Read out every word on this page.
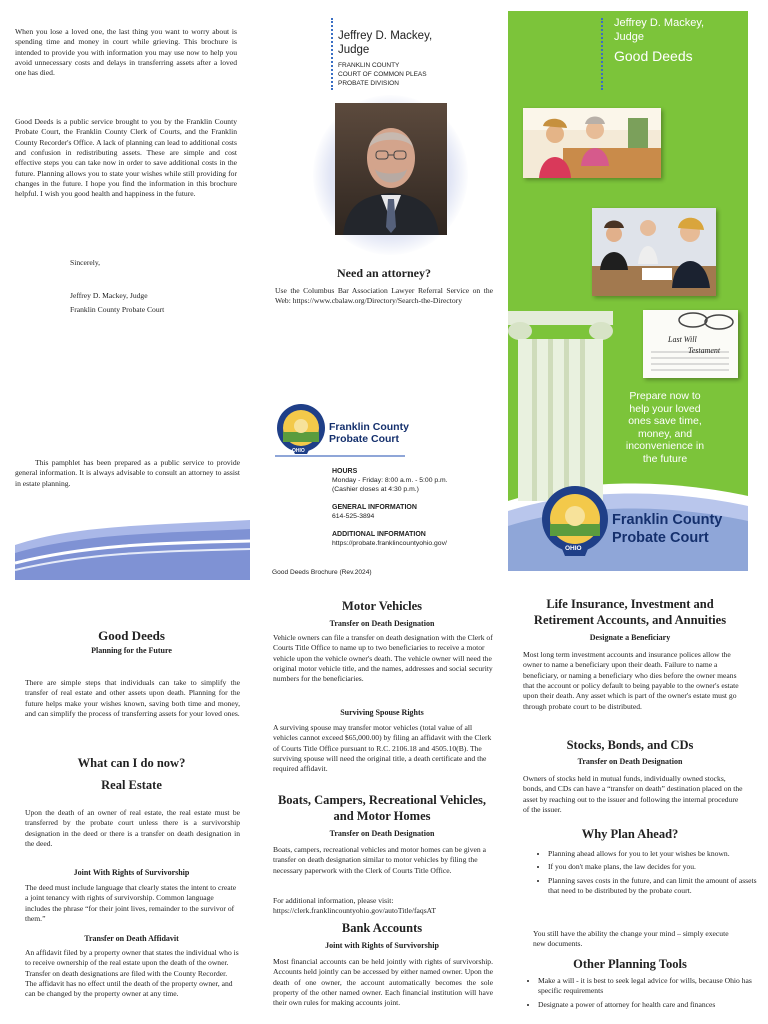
When you lose a loved one, the last thing you want to worry about is spending time and money in court while grieving. This brochure is intended to provide you with information you may use now to help you avoid unnecessary costs and delays in transferring assets after a loved one has died.
Good Deeds is a public service brought to you by the Franklin County Probate Court, the Franklin County Clerk of Courts, and the Franklin County Recorder's Office. A lack of planning can lead to additional costs and confusion in redistributing assets. These are simple and cost effective steps you can take now in order to save additional costs in the future. Planning allows you to state your wishes while still providing for changes in the future. I hope you find the information in this brochure helpful. I wish you good health and happiness in the future.
Sincerely,
Jeffrey D. Mackey, Judge
Franklin County Probate Court
This pamphlet has been prepared as a public service to provide general information. It is always advisable to consult an attorney to assist in estate planning.
Jeffrey D. Mackey,
Judge
FRANKLIN COUNTY
COURT OF COMMON PLEAS
PROBATE DIVISION
Need an attorney?
Use the Columbus Bar Association Lawyer Referral Service on the Web: https://www.cbalaw.org/Directory/Search-the-Directory
OHIO
Franklin County
Probate Court
HOURS
Monday - Friday: 8:00 a.m. - 5:00 p.m.
(Cashier closes at 4:30 p.m.)
GENERAL INFORMATION
614-525-3894
ADDITIONAL INFORMATION
https://probate.franklincountyohio.gov/
Good Deeds Brochure (Rev.2024)
Jeffrey D. Mackey,
Judge
Good Deeds
Last Will
Testament
Prepare now to help your loved ones save time, money, and inconvenience in the future
OHIO
Franklin County
Probate Court
Good Deeds
Planning for the Future
There are simple steps that individuals can take to simplify the transfer of real estate and other assets upon death. Planning for the future helps make your wishes known, saving both time and money, and can simplify the process of transferring assets for your loved ones.
What can I do now?
Real Estate
Upon the death of an owner of real estate, the real estate must be transferred by the probate court unless there is a survivorship designation in the deed or there is a transfer on death designation in the deed.
Joint With Rights of Survivorship
The deed must include language that clearly states the intent to create a joint tenancy with rights of survivorship. Common language includes the phrase “for their joint lives, remainder to the survivor of them.”
Transfer on Death Affidavit
An affidavit filed by a property owner that states the individual who is to receive ownership of the real estate upon the death of the owner. Transfer on death designations are filed with the County Recorder. The affidavit has no effect until the death of the property owner, and can be changed by the property owner at any time.
Motor Vehicles
Transfer on Death Designation
Vehicle owners can file a transfer on death designation with the Clerk of Courts Title Office to name up to two beneficiaries to receive a motor vehicle upon the vehicle owner's death. The vehicle owner will need the original motor vehicle title, and the names, addresses and social security numbers for the beneficiaries.
Surviving Spouse Rights
A surviving spouse may transfer motor vehicles (total value of all vehicles cannot exceed $65,000.00) by filing an affidavit with the Clerk of Courts Title Office pursuant to R.C. 2106.18 and 4505.10(B). The surviving spouse will need the original title, a death certificate and the required affidavit.
Boats, Campers, Recreational Vehicles,
and Motor Homes
Transfer on Death Designation
Boats, campers, recreational vehicles and motor homes can be given a transfer on death designation similar to motor vehicles by filing the necessary paperwork with the Clerk of Courts Title Office.
For additional information, please visit: https://clerk.franklincountyohio.gov/autoTitle/faqsAT
Bank Accounts
Joint with Rights of Survivorship
Most financial accounts can be held jointly with rights of survivorship. Accounts held jointly can be accessed by either named owner. Upon the death of one owner, the account automatically becomes the sole property of the other named owner. Each financial institution will have their own rules for making accounts joint.
Life Insurance, Investment and
Retirement Accounts, and Annuities
Designate a Beneficiary
Most long term investment accounts and insurance polices allow the owner to name a beneficiary upon their death. Failure to name a beneficiary, or naming a beneficiary who dies before the owner means that the account or policy default to being payable to the owner's estate upon their death. Any asset which is part of the owner's estate must go through probate court to be distributed.
Stocks, Bonds, and CDs
Transfer on Death Designation
Owners of stocks held in mutual funds, individually owned stocks, bonds, and CDs can have a “transfer on death” destination placed on the asset by reaching out to the issuer and following the internal procedure of the issuer.
Why Plan Ahead?
• Planning ahead allows for you to let your wishes be known.
• If you don't make plans, the law decides for you.
• Planning saves costs in the future, and can limit the amount of assets that need to be distributed by the probate court.
You still have the ability the change your mind – simply execute new documents.
Other Planning Tools
• Make a will - it is best to seek legal advice for wills, because Ohio has specific requirements
• Designate a power of attorney for health care and finances
